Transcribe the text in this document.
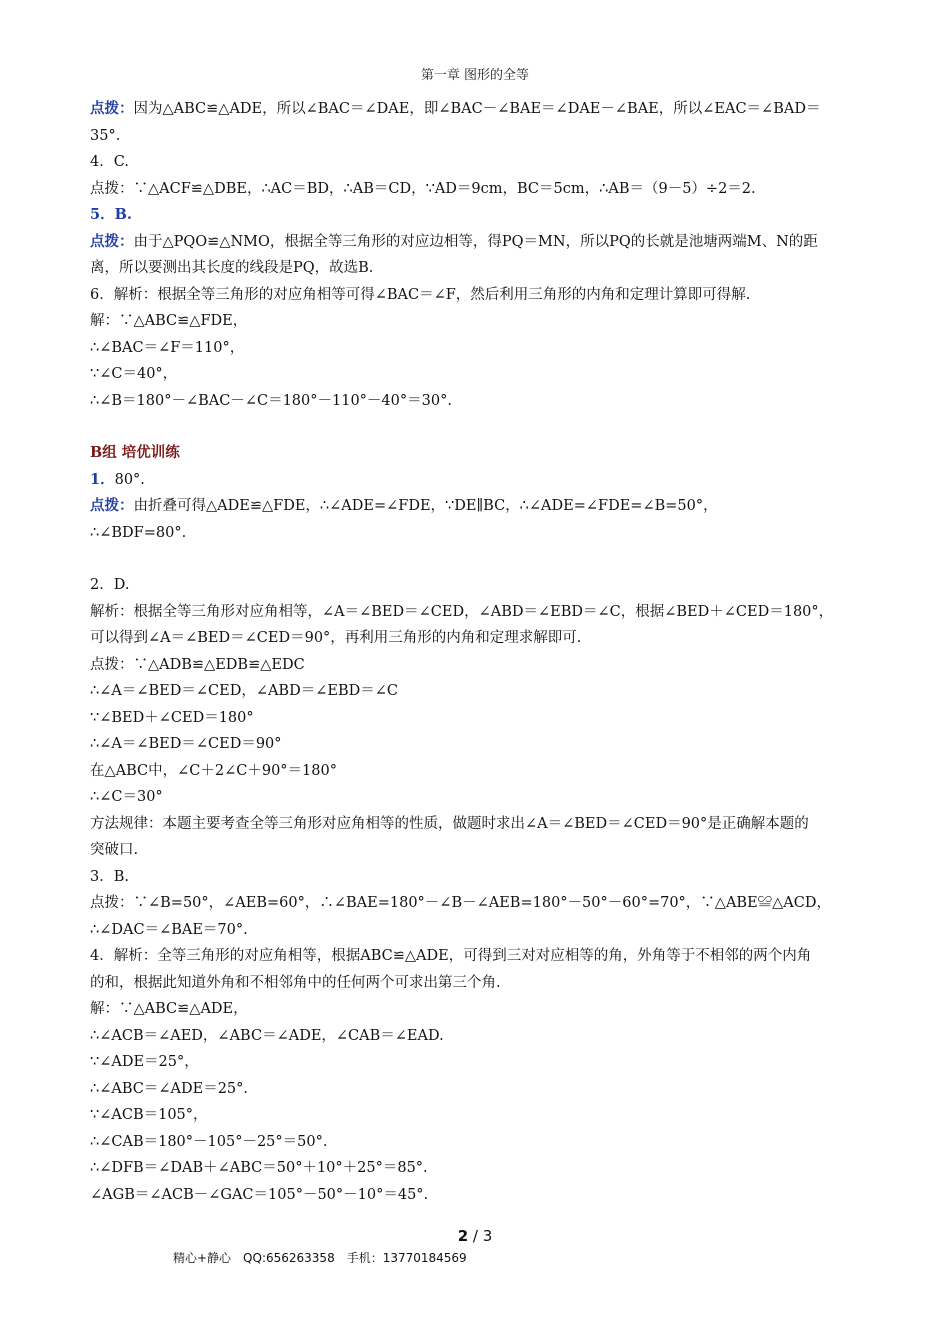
第一章 图形的全等
点拨：因为△ABC≌△ADE，所以∠BAC＝∠DAE，即∠BAC－∠BAE＝∠DAE－∠BAE，所以∠EAC＝∠BAD＝
35°.
4．C.
点拨：∵△ACF≌△DBE，∴AC＝BD，∴AB＝CD，∵AD＝9cm，BC＝5cm，∴AB＝（9－5）÷2＝2.
5．B.
点拨：由于△PQO≌△NMO，根据全等三角形的对应边相等，得PQ＝MN，所以PQ的长就是池塘两端M、N的距
离，所以要测出其长度的线段是PQ，故选B.
6．解析：根据全等三角形的对应角相等可得∠BAC＝∠F，然后利用三角形的内角和定理计算即可得解.
解：∵△ABC≌△FDE，
∴∠BAC＝∠F＝110°，
∵∠C＝40°，
∴∠B＝180°－∠BAC－∠C＝180°－110°－40°＝30°.
B组 培优训练
1．80°.
点拨：由折叠可得△ADE≌△FDE，∴∠ADE=∠FDE，∵DE∥BC，∴∠ADE=∠FDE=∠B=50°，
∴∠BDF=80°.
2．D.
解析：根据全等三角形对应角相等，∠A＝∠BED＝∠CED，∠ABD＝∠EBD＝∠C，根据∠BED＋∠CED＝180°，
可以得到∠A＝∠BED＝∠CED＝90°，再利用三角形的内角和定理求解即可.
点拨：∵△ADB≌△EDB≌△EDC
∴∠A＝∠BED＝∠CED，∠ABD＝∠EBD＝∠C
∵∠BED＋∠CED＝180°
∴∠A＝∠BED＝∠CED＝90°
在△ABC中，∠C＋2∠C＋90°＝180°
∴∠C＝30°
方法规律：本题主要考查全等三角形对应角相等的性质，做题时求出∠A＝∠BED＝∠CED＝90°是正确解本题的
突破口.
3．B.
点拨：∵∠B=50°，∠AEB=60°，∴∠BAE=180°－∠B－∠AEB=180°－50°－60°=70°，∵△ABE≌△ACD，
∴∠DAC＝∠BAE＝70°.
4．解析：全等三角形的对应角相等，根据ABC≌△ADE，可得到三对对应相等的角，外角等于不相邻的两个内角
的和，根据此知道外角和不相邻角中的任何两个可求出第三个角.
解：∵△ABC≌△ADE，
∴∠ACB＝∠AED，∠ABC＝∠ADE，∠CAB＝∠EAD.
∵∠ADE＝25°，
∴∠ABC＝∠ADE＝25°.
∵∠ACB＝105°，
∴∠CAB＝180°－105°－25°＝50°.
∴∠DFB＝∠DAB＋∠ABC＝50°＋10°＋25°＝85°.
∠AGB＝∠ACB－∠GAC＝105°－50°－10°＝45°.
2 / 3
精心+静心　QQ:656263358　手机：13770184569
